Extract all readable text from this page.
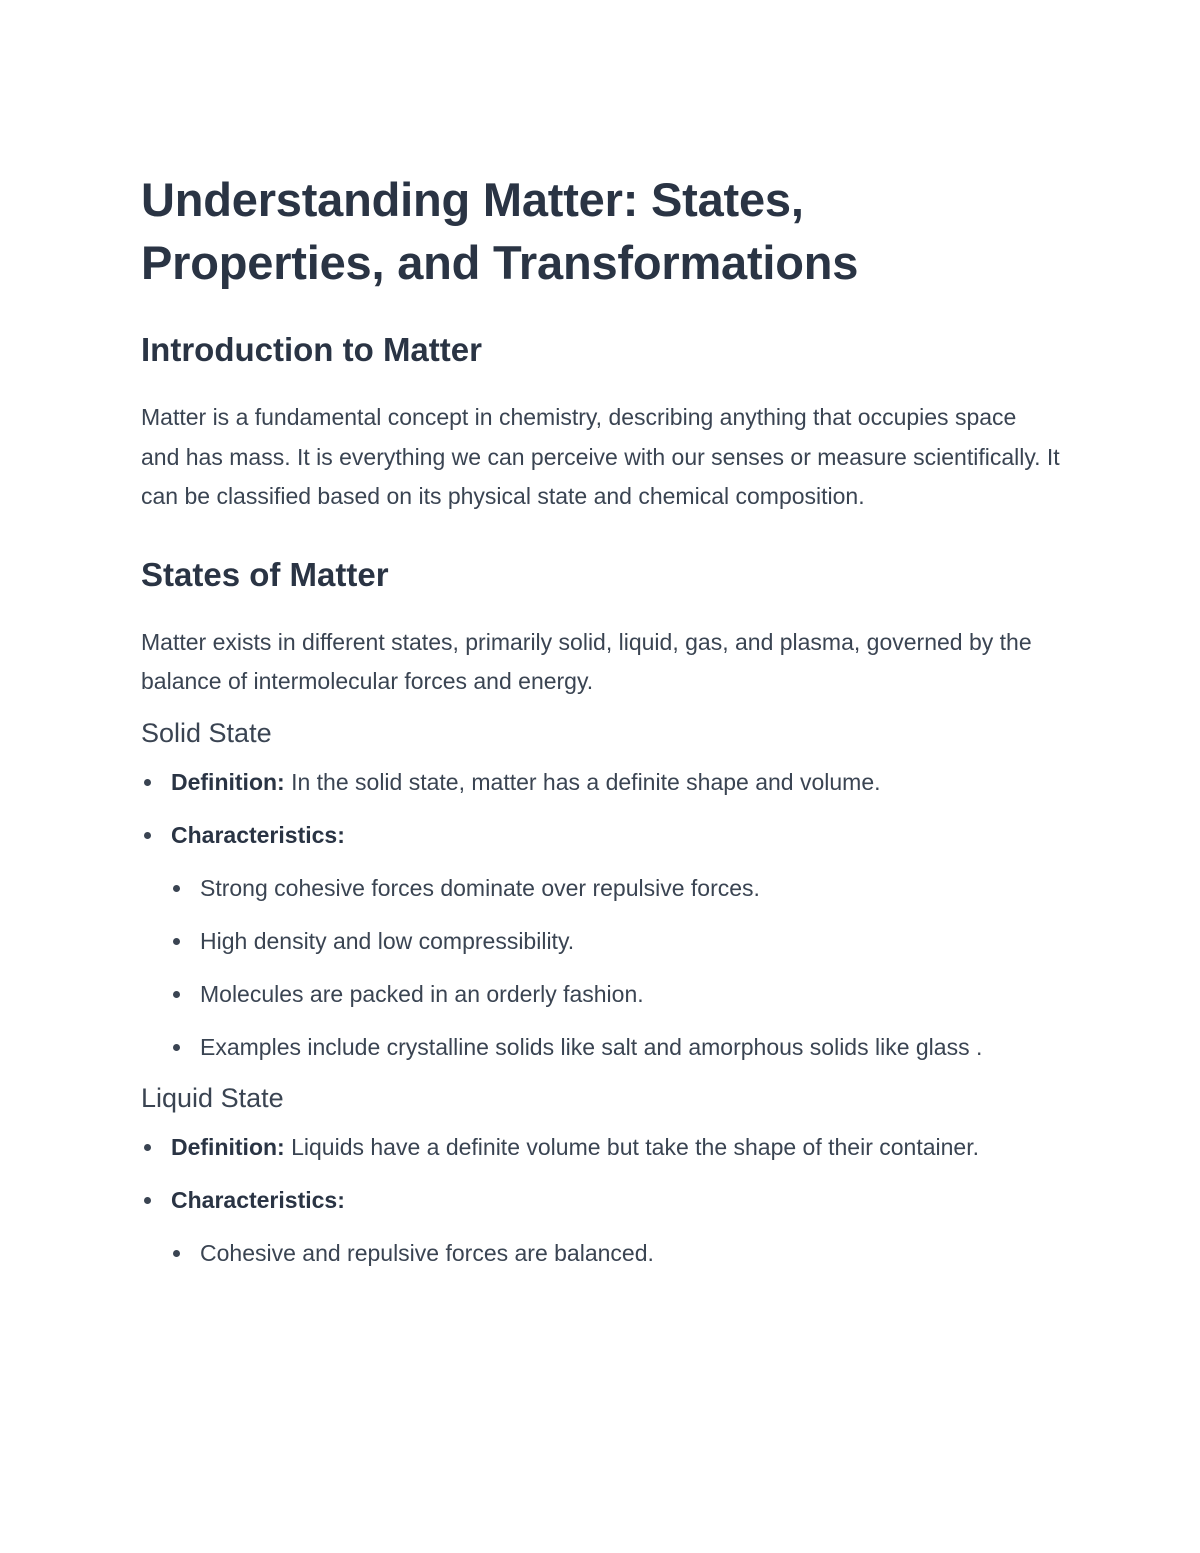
Understanding Matter: States,
Properties, and Transformations
Introduction to Matter

Matter is a fundamental concept in chemistry, describing anything that occupies space and has mass. It is everything we can perceive with our senses or measure scientifically. It can be classified based on its physical state and chemical composition.

States of Matter

Matter exists in different states, primarily solid, liquid, gas, and plasma, governed by the balance of intermolecular forces and energy.

Solid State
Definition: In the solid state, matter has a definite shape and volume.
Characteristics:
Strong cohesive forces dominate over repulsive forces.
High density and low compressibility.
Molecules are packed in an orderly fashion.
Examples include crystalline solids like salt and amorphous solids like glass .
Liquid State
Definition: Liquids have a definite volume but take the shape of their container.
Characteristics:
Cohesive and repulsive forces are balanced.
